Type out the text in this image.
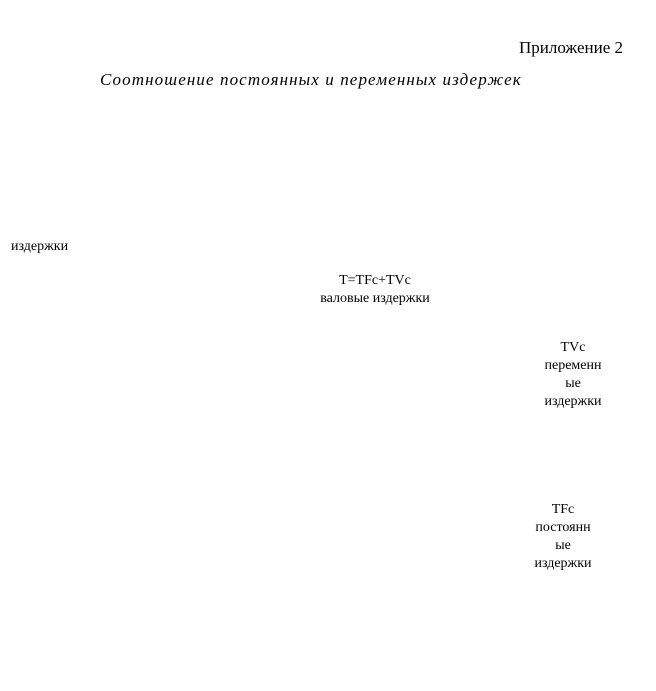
Приложение 2
Соотношение постоянных и переменных издержек
издержки
T=TFc+TVc
валовые издержки
TVc
переменн
ые
издержки
TFc
постоянн
ые
издержки
